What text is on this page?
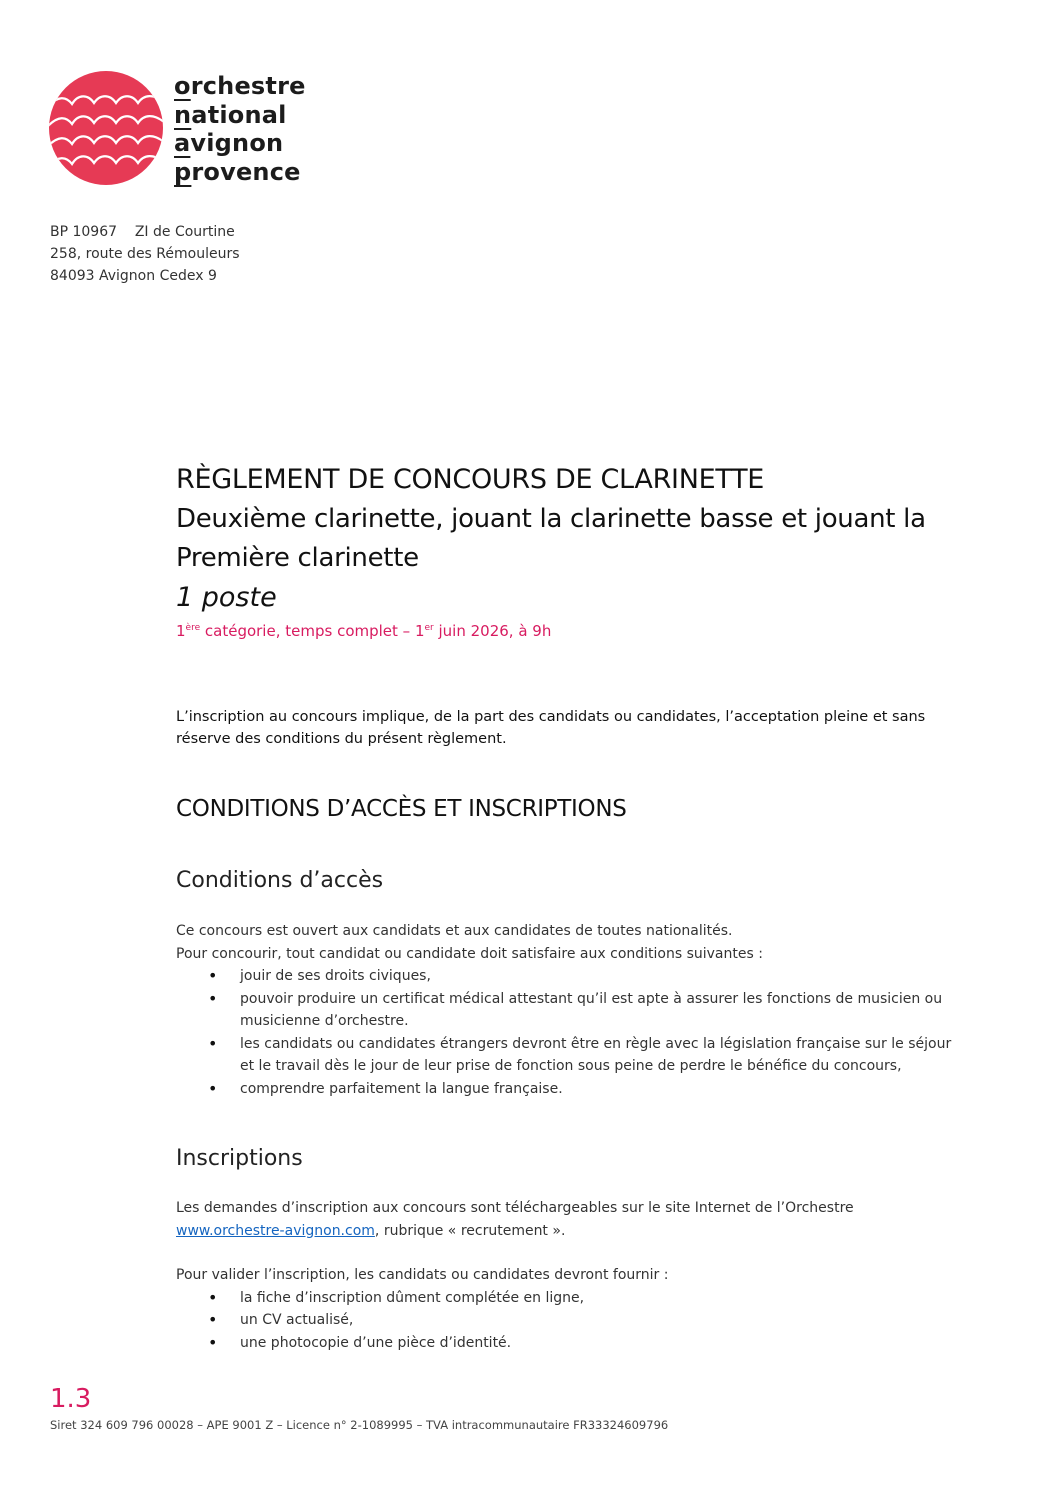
orchestre
national
avignon
provence
BP 10967    ZI de Courtine
258, route des Rémouleurs
84093 Avignon Cedex 9
RÈGLEMENT DE CONCOURS DE CLARINETTE
Deuxième clarinette, jouant la clarinette basse et jouant la
Première clarinette
1 poste
1ère catégorie, temps complet – 1er juin 2026, à 9h
L’inscription au concours implique, de la part des candidats ou candidates, l’acceptation pleine et sans réserve des conditions du présent règlement.
CONDITIONS D’ACCÈS ET INSCRIPTIONS
Conditions d’accès
Ce concours est ouvert aux candidats et aux candidates de toutes nationalités.
Pour concourir, tout candidat ou candidate doit satisfaire aux conditions suivantes :
• jouir de ses droits civiques,
• pouvoir produire un certificat médical attestant qu’il est apte à assurer les fonctions de musicien ou musicienne d’orchestre.
• les candidats ou candidates étrangers devront être en règle avec la législation française sur le séjour et le travail dès le jour de leur prise de fonction sous peine de perdre le bénéfice du concours,
• comprendre parfaitement la langue française.
Inscriptions
Les demandes d’inscription aux concours sont téléchargeables sur le site Internet de l’Orchestre
www.orchestre-avignon.com, rubrique « recrutement ».
Pour valider l’inscription, les candidats ou candidates devront fournir :
• la fiche d’inscription dûment complétée en ligne,
• un CV actualisé,
• une photocopie d’une pièce d’identité.
1.3
Siret 324 609 796 00028 – APE 9001 Z – Licence n° 2-1089995 – TVA intracommunautaire FR33324609796
